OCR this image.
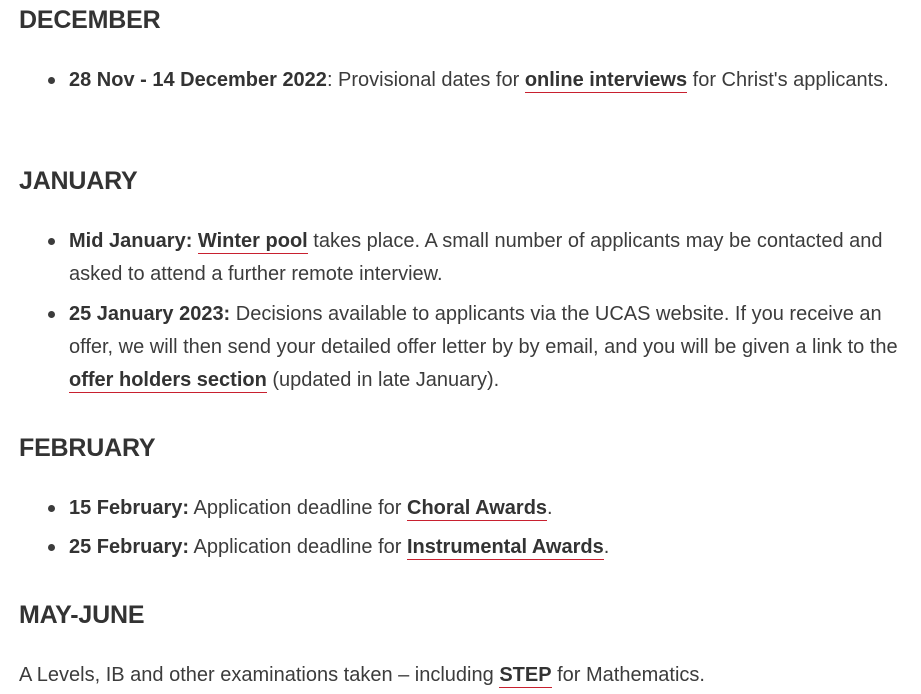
DECEMBER
28 Nov - 14 December 2022: Provisional dates for online interviews for Christ's applicants.
JANUARY
Mid January: Winter pool takes place. A small number of applicants may be contacted and asked to attend a further remote interview.
25 January 2023: Decisions available to applicants via the UCAS website. If you receive an offer, we will then send your detailed offer letter by by email, and you will be given a link to the offer holders section (updated in late January).
FEBRUARY
15 February: Application deadline for Choral Awards.
25 February: Application deadline for Instrumental Awards.
MAY-JUNE

A Levels, IB and other examinations taken – including STEP for Mathematics.
